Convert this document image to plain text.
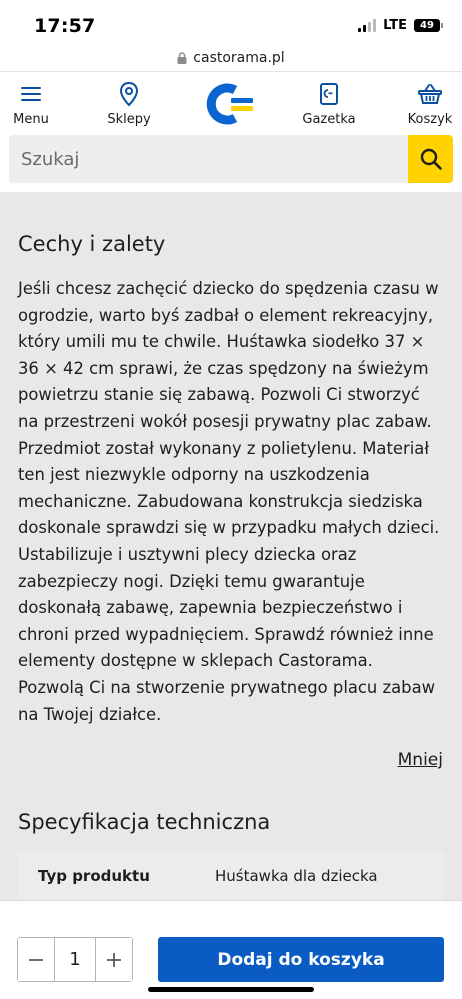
17:57	LTE 49
castorama.pl
Menu	Sklepy	Gazetka	Koszyk
Szukaj
Cechy i zalety

Jeśli chcesz zachęcić dziecko do spędzenia czasu w ogrodzie, warto byś zadbał o element rekreacyjny, który umili mu te chwile. Huśtawka siodełko 37 × 36 × 42 cm sprawi, że czas spędzony na świeżym powietrzu stanie się zabawą. Pozwoli Ci stworzyć na przestrzeni wokół posesji prywatny plac zabaw. Przedmiot został wykonany z polietylenu. Materiał ten jest niezwykle odporny na uszkodzenia mechaniczne. Zabudowana konstrukcja siedziska doskonale sprawdzi się w przypadku małych dzieci. Ustabilizuje i usztywni plecy dziecka oraz zabezpieczy nogi. Dzięki temu gwarantuje doskonałą zabawę, zapewnia bezpieczeństwo i chroni przed wypadnięciem. Sprawdź również inne elementy dostępne w sklepach Castorama. Pozwolą Ci na stworzenie prywatnego placu zabaw na Twojej działce.

Mniej
Specyfikacja techniczna
Typ produktu	Huśtawka dla dziecka
1	Dodaj do koszyka
